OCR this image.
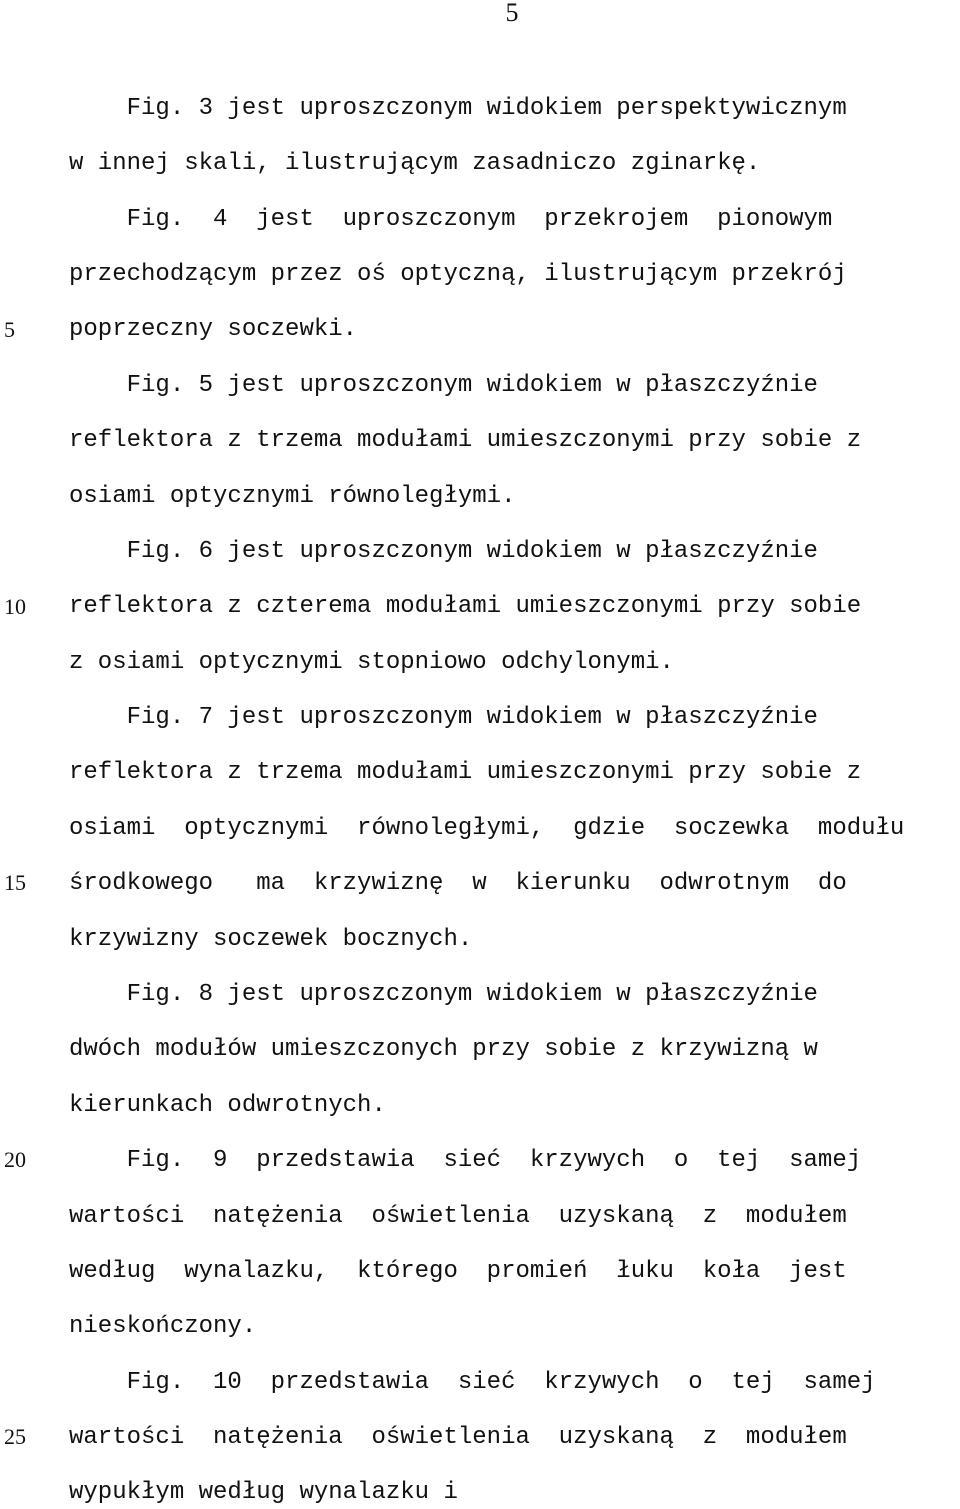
5
5
10
15
20
25
Fig. 3 jest uproszczonym widokiem perspektywicznym
w innej skali, ilustrującym zasadniczo zginarkę.
Fig.  4  jest  uproszczonym  przekrojem  pionowym
przechodzącym przez oś optyczną, ilustrującym przekrój
poprzeczny soczewki.
Fig. 5 jest uproszczonym widokiem w płaszczyźnie
reflektora z trzema modułami umieszczonymi przy sobie z
osiami optycznymi równoległymi.
Fig. 6 jest uproszczonym widokiem w płaszczyźnie
reflektora z czterema modułami umieszczonymi przy sobie
z osiami optycznymi stopniowo odchylonymi.
Fig. 7 jest uproszczonym widokiem w płaszczyźnie
reflektora z trzema modułami umieszczonymi przy sobie z
osiami  optycznymi  równoległymi,  gdzie  soczewka  modułu
środkowego   ma  krzywiznę  w  kierunku  odwrotnym  do
krzywizny soczewek bocznych.
Fig. 8 jest uproszczonym widokiem w płaszczyźnie
dwóch modułów umieszczonych przy sobie z krzywizną w
kierunkach odwrotnych.
Fig.  9  przedstawia  sieć  krzywych  o  tej  samej
wartości  natężenia  oświetlenia  uzyskaną  z  modułem
według  wynalazku,  którego  promień  łuku  koła  jest
nieskończony.
Fig.  10  przedstawia  sieć  krzywych  o  tej  samej
wartości  natężenia  oświetlenia  uzyskaną  z  modułem
wypukłym według wynalazku i
